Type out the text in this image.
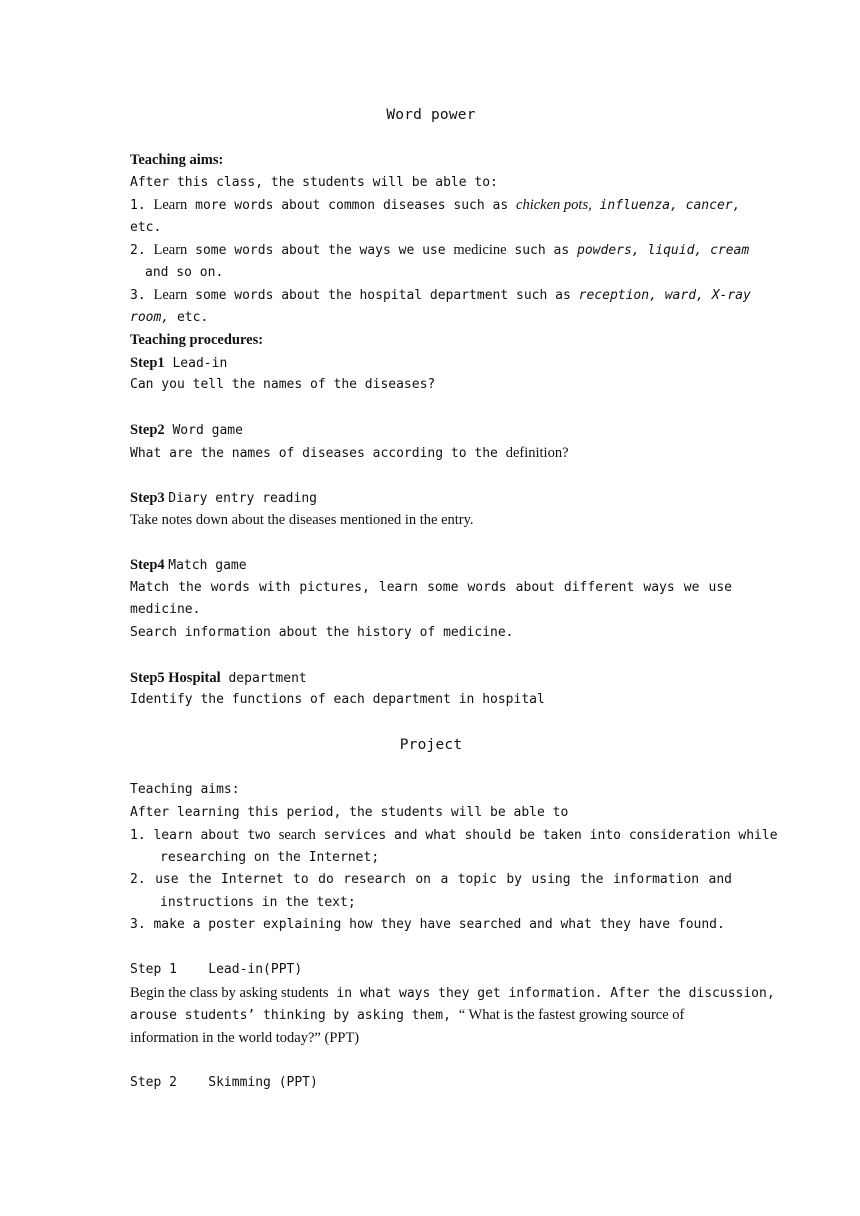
Word power
Teaching aims:
After this class, the students will be able to:
1. Learn more words about common diseases such as chicken pots, influenza, cancer,
etc.
2. Learn some words about the ways we use medicine such as powders, liquid, cream
and so on.
3. Learn some words about the hospital department such as reception, ward, X-ray
room, etc.
Teaching procedures:
Step1 Lead-in
Can you tell the names of the diseases?
Step2 Word game
What are the names of diseases according to the definition?
Step3 Diary entry reading
Take notes down about the diseases mentioned in the entry.
Step4 Match game
Match the words with pictures, learn some words about different ways we use
medicine.
Search information about the history of medicine.
Step5 Hospital department
Identify the functions of each department in hospital
Project
Teaching aims:
After learning this period, the students will be able to
1. learn about two search services and what should be taken into consideration while
researching on the Internet;
2. use the Internet to do research on a topic by using the information and
instructions in the text;
3. make a poster explaining how they have searched and what they have found.
Step 1    Lead-in(PPT)
Begin the class by asking students in what ways they get information. After the discussion,
arouse students’ thinking by asking them, “ What is the fastest growing source of
information in the world today?” (PPT)
Step 2    Skimming (PPT)
